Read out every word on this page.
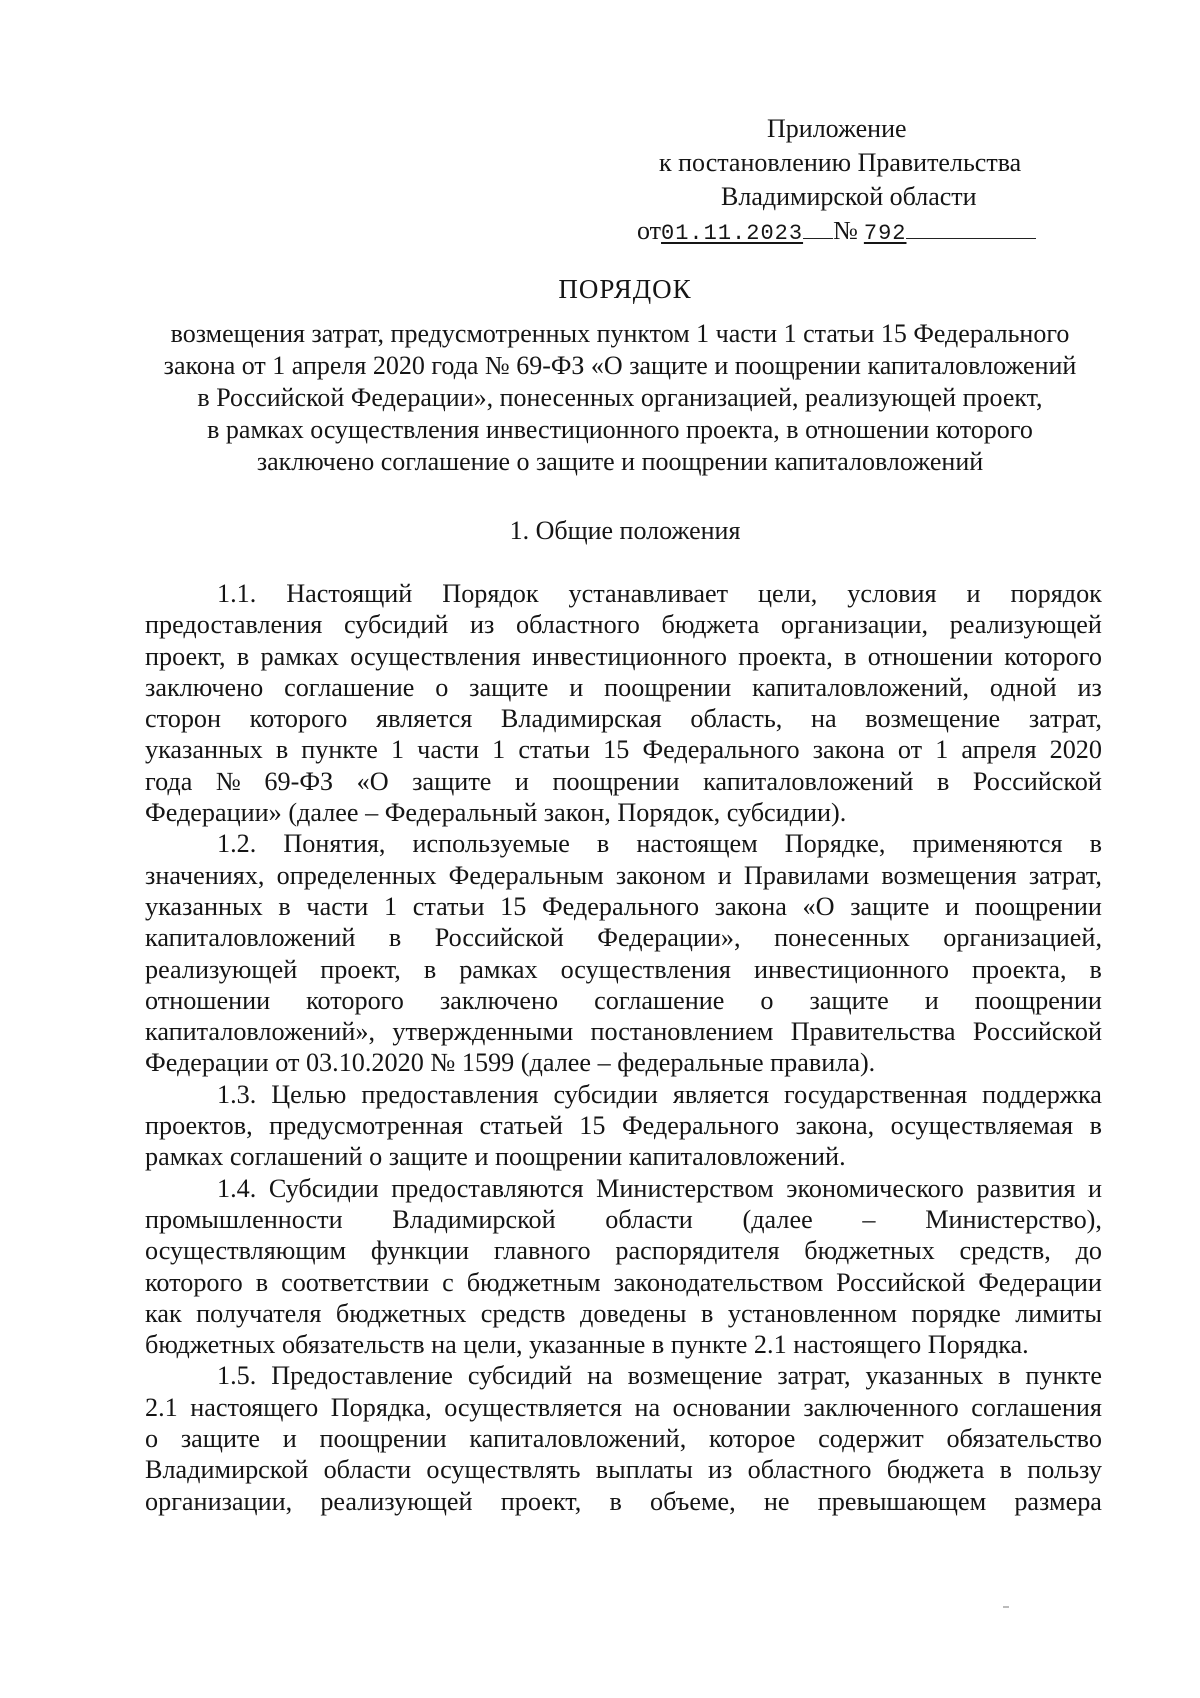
Приложение
к постановлению Правительства
Владимирской области
от01.11.2023 № 792
ПОРЯДОК
возмещения затрат, предусмотренных пунктом 1 части 1 статьи 15 Федерального
закона от 1 апреля 2020 года № 69-ФЗ «О защите и поощрении капиталовложений
в Российской Федерации», понесенных организацией, реализующей проект,
в рамках осуществления инвестиционного проекта, в отношении которого
заключено соглашение о защите и поощрении капиталовложений
1. Общие положения
1.1. Настоящий Порядок устанавливает цели, условия и порядок
предоставления субсидий из областного бюджета организации, реализующей
проект, в рамках осуществления инвестиционного проекта, в отношении которого
заключено соглашение о защите и поощрении капиталовложений, одной из
сторон которого является Владимирская область, на возмещение затрат,
указанных в пункте 1 части 1 статьи 15 Федерального закона от 1 апреля 2020
года № 69-ФЗ «О защите и поощрении капиталовложений в Российской
Федерации» (далее – Федеральный закон, Порядок, субсидии).
1.2. Понятия, используемые в настоящем Порядке, применяются в
значениях, определенных Федеральным законом и Правилами возмещения затрат,
указанных в части 1 статьи 15 Федерального закона «О защите и поощрении
капиталовложений в Российской Федерации», понесенных организацией,
реализующей проект, в рамках осуществления инвестиционного проекта, в
отношении которого заключено соглашение о защите и поощрении
капиталовложений», утвержденными постановлением Правительства Российской
Федерации от 03.10.2020 № 1599 (далее – федеральные правила).
1.3. Целью предоставления субсидии является государственная поддержка
проектов, предусмотренная статьей 15 Федерального закона, осуществляемая в
рамках соглашений о защите и поощрении капиталовложений.
1.4. Субсидии предоставляются Министерством экономического развития и
промышленности Владимирской области (далее – Министерство),
осуществляющим функции главного распорядителя бюджетных средств, до
которого в соответствии с бюджетным законодательством Российской Федерации
как получателя бюджетных средств доведены в установленном порядке лимиты
бюджетных обязательств на цели, указанные в пункте 2.1 настоящего Порядка.
1.5. Предоставление субсидий на возмещение затрат, указанных в пункте
2.1 настоящего Порядка, осуществляется на основании заключенного соглашения
о защите и поощрении капиталовложений, которое содержит обязательство
Владимирской области осуществлять выплаты из областного бюджета в пользу
организации, реализующей проект, в объеме, не превышающем размера
